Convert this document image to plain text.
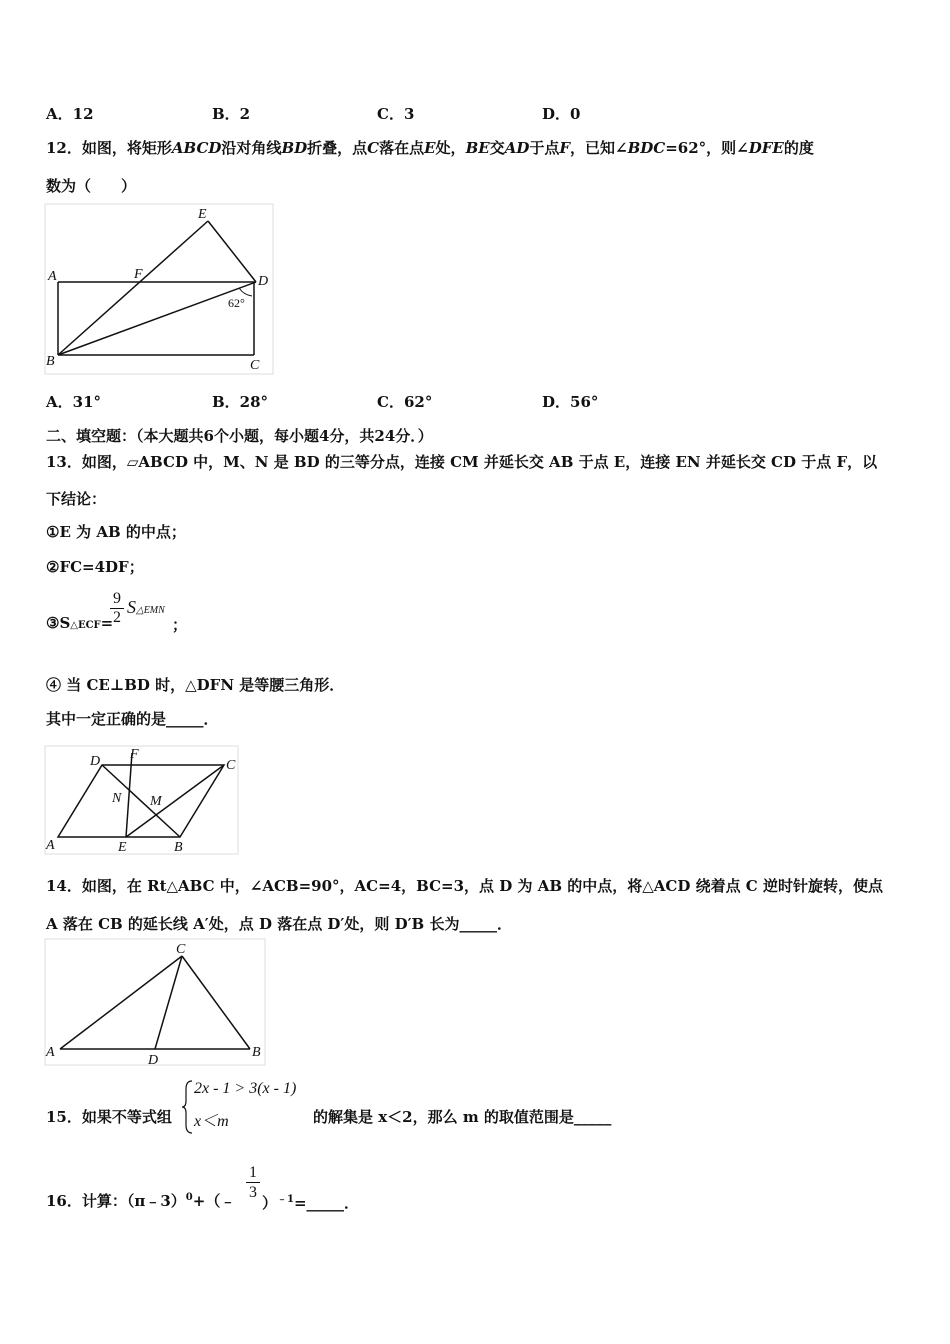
A．12	B．2	C．3	D．0
12．如图，将矩形ABCD沿对角线BD折叠，点C落在点E处，BE交AD于点F，已知∠BDC=62°，则∠DFE的度
数为（　　）
E
A	F	D
B	C
62°
A．31°	B．28°	C．62°	D．56°
二、填空题：（本大题共6个小题，每小题4分，共24分．）
13．如图，▱ABCD 中，M、N 是 BD 的三等分点，连接 CM 并延长交 AB 于点 E，连接 EN 并延长交 CD 于点 F，以
下结论：
①E 为 AB 的中点；
②FC=4DF；
③S△ECF=
9
2
S△EMN
；
④ 当 CE⊥BD 时，△DFN 是等腰三角形．
其中一定正确的是_____．
D F
C
N M
A	E	B
14．如图，在 Rt△ABC 中，∠ACB=90°，AC=4，BC=3，点 D 为 AB 的中点，将△ACD 绕着点 C 逆时针旋转，使点
A 落在 CB 的延长线 A′处，点 D 落在点 D′处，则 D′B 长为_____．
C
A
D
B
15．如果不等式组
2x - 1 > 3(x - 1)
x＜m	的解集是 x＜2，那么 m 的取值范围是_____
16．计算：（π﹣3）$^0$+（﹣
1
3
）$^{﹣1}$=_____．
